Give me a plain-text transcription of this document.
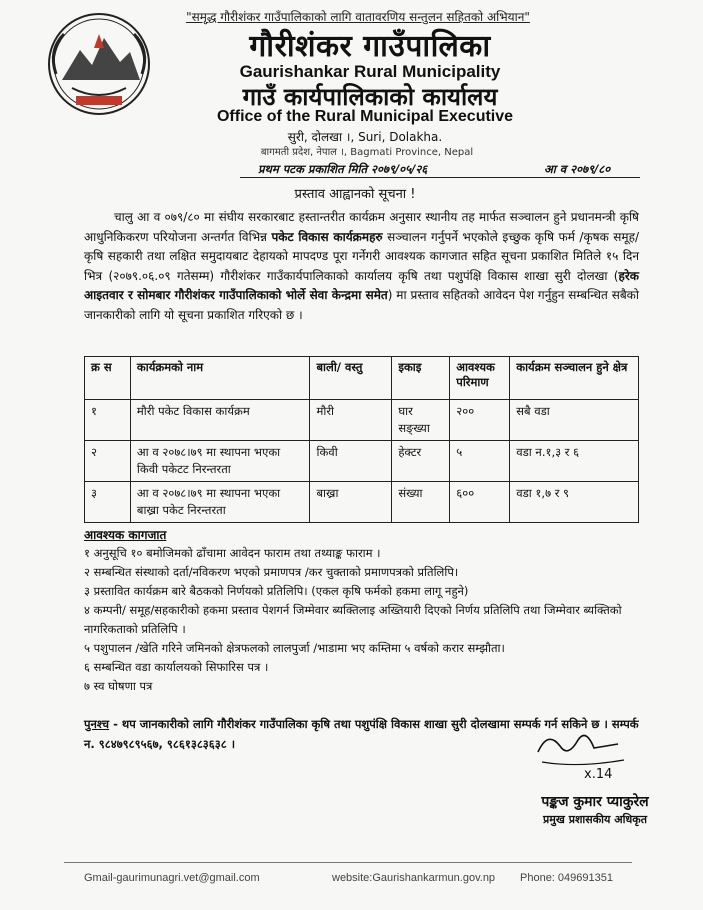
"समृद्ध गौरीशंकर गाउँपालिकाको लागि वातावरणिय सन्तुलन सहितको अभियान"
गौरीशंकर गाउँपालिका
Gaurishankar Rural Municipality
गाउँ कार्यपालिकाको कार्यालय
Office of the Rural Municipal Executive
सुरी, दोलखा ।, Suri, Dolakha.
बागमती प्रदेश, नेपाल ।, Bagmati Province, Nepal
प्रथम पटक प्रकाशित मिति २०७९/०५/२६	आ व २०७९/८०
प्रस्ताव आह्वानको सूचना !

चालु आ व ०७९/८० मा संघीय सरकारबाट हस्तान्तरीत कार्यक्रम अनुसार स्थानीय तह मार्फत सञ्चालन हुने प्रधानमन्त्री कृषि आधुनिकिकरण परियोजना अन्तर्गत विभिन्न पकेट विकास कार्यक्रमहरु सञ्चालन गर्नुपर्ने भएकोले इच्छुक कृषि फर्म /कृषक समूह/कृषि सहकारी तथा लक्षित समुदायबाट देहायको मापदण्ड पूरा गर्नेगरी आवश्यक कागजात सहित सूचना प्रकाशित मितिले १५ दिन भित्र (२०७९.०६.०९ गतेसम्म) गौरीशंकर गाउँकार्यपालिकाको कार्यालय कृषि तथा पशुपंक्षि विकास शाखा सुरी दोलखा (हरेक आइतवार र सोमबार गौरीशंकर गाउँपालिकाको भोर्ले सेवा केन्द्रमा समेत) मा प्रस्ताव सहितको आवेदन पेश गर्नुहुन सम्बन्धित सबैको जानकारीको लागि यो सूचना प्रकाशित गरिएको छ ।

क्र स	कार्यक्रमको नाम	बाली/ वस्तु	इकाइ	आवश्यक परिमाण	कार्यक्रम सञ्चालन हुने क्षेत्र
१	मौरी पकेट विकास कार्यक्रम	मौरी	घार सङ्ख्या	२००	सबै वडा
२	आ व २०७८।७९ मा स्थापना भएका किवी पकेटट निरन्तरता	किवी	हेक्टर	५	वडा न.१,३ र ६
३	आ व २०७८।७९ मा स्थापना भएका बाख्रा पकेट निरन्तरता	बाख्रा	संख्या	६००	वडा १,७ र ९
आवश्यक कागजात
१ अनुसूचि १० बमोजिमको ढाँचामा आवेदन फाराम तथा तथ्याङ्क फाराम ।
२ सम्बन्धित संस्थाको दर्ता/नविकरण भएको प्रमाणपत्र /कर चुक्ताको प्रमाणपत्रको प्रतिलिपि।
३ प्रस्तावित कार्यक्रम बारे बैठकको निर्णयको प्रतिलिपि। (एकल कृषि फर्मको हकमा लागू नहुने)
४ कम्पनी/ समूह/सहकारीको हकमा प्रस्ताव पेशगर्न जिम्मेवार ब्यक्तिलाइ अख्तियारी दिएको निर्णय प्रतिलिपि तथा जिम्मेवार ब्यक्तिको नागरिकताको प्रतिलिपि ।
५ पशुपालन /खेति गरिने जमिनको क्षेत्रफलको लालपुर्जा /भाडामा भए कम्तिमा ५ वर्षको करार सम्झौता।
६ सम्बन्धित वडा कार्यालयको सिफारिस पत्र ।
७ स्व घोषणा पत्र

पुनश्च - थप जानकारीको लागि गौरीशंकर गाउँपालिका कृषि तथा पशुपंक्षि विकास शाखा सुरी दोलखामा सम्पर्क गर्न सकिने छ । सम्पर्क न. ९८४७९८९५६७, ९८६१३८३६३८ ।

x.14
पङ्कज कुमार प्याकुरेल
प्रमुख प्रशासकीय अधिकृत
Gmail-gaurimunagri.vet@gmail.com	website:Gaurishankarmun.gov.np Phone: 049691351
